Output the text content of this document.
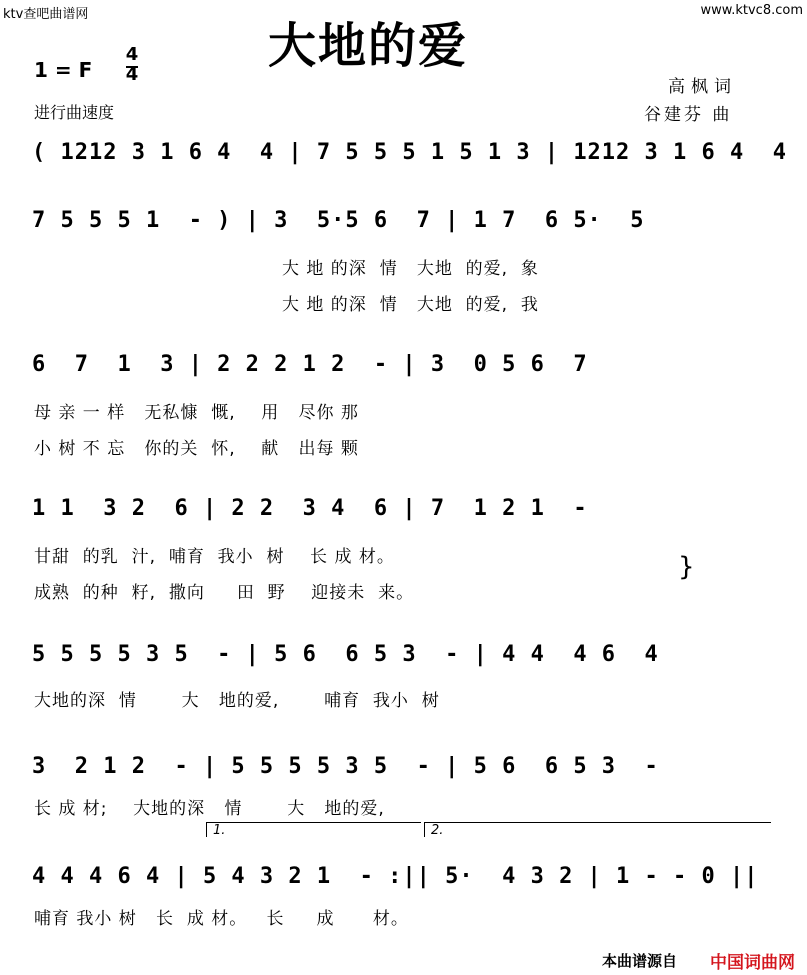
ktv查吧曲谱网	www.ktvc8.com
大地的爱
1 = F
4
4
进行曲速度
高枫词
谷建芬 曲
( 1212 3 1 6 4  4 | 7 5 5 5 1 5 1 3 | 1212 3 1 6 4  4
7 5 5 5 1  - ) | 3  5·5 6  7 | 1 7  6 5·  5
大 地 的深  情   大地  的爱,  象
大 地 的深  情   大地  的爱,  我
6  7  1  3 | 2 2 2 1 2  - | 3  0 5 6  7
母 亲 一 样   无私慷  慨,    用   尽你 那
小 树 不 忘   你的关  怀,    献   出每 颗
1 1  3 2  6 | 2 2  3 4  6 | 7  1 2 1  -
甘甜  的乳  汁,  哺育  我小  树    长 成 材。
成熟  的种  籽,  撒向     田  野    迎接未  来。
}
5 5 5 5 3 5  - | 5 6  6 5 3  - | 4 4  4 6  4
大地的深  情       大   地的爱,       哺育  我小  树
3  2 1 2  - | 5 5 5 5 3 5  - | 5 6  6 5 3  -
长 成 材;    大地的深   情       大   地的爱,
1.	2.
4 4 4 6 4 | 5 4 3 2 1  - :|| 5·  4 3 2 | 1 - - 0 ||
哺育 我小 树   长  成 材。   长     成      材。
本曲谱源自 中国词曲网
